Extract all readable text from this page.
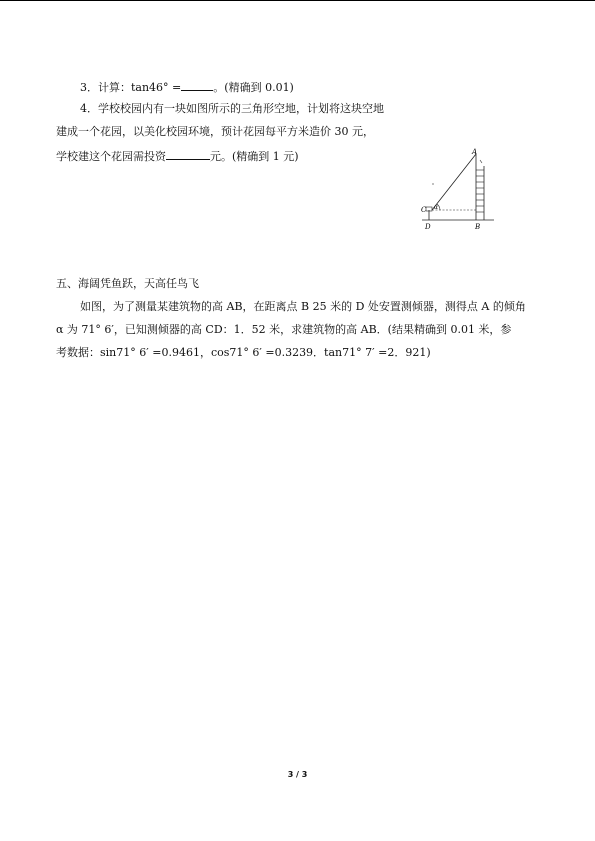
3．计算：tan46° =	。(精确到 0.01)
4．学校校园内有一块如图所示的三角形空地，计划将这块空地
建成一个花园，以美化校园环境，预计花园每平方米造价 30 元，
学校建这个花园需投资	元。(精确到 1 元)	A
B
C
D
α
五、海阔凭鱼跃，天高任鸟飞
如图，为了测量某建筑物的高 AB，在距离点 B 25 米的 D 处安置测倾器，测得点 A 的倾角
α 为 71° 6′，已知测倾器的高 CD：1．52 米，求建筑物的高 AB．(结果精确到 0.01 米，参
考数据：sin71° 6′ =0.9461，cos71° 6′ =0.3239．tan71° 7′ =2．921)
3 / 3
